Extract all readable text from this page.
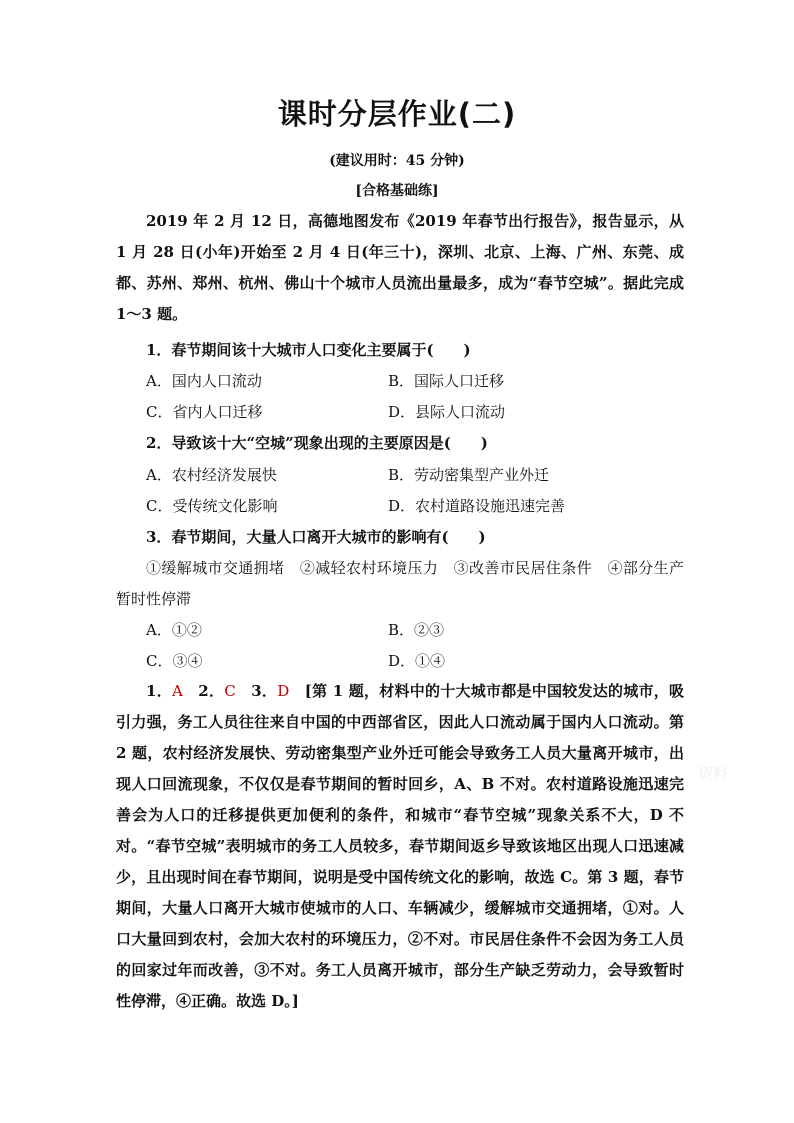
课时分层作业(二)
(建议用时：45 分钟)
[合格基础练]
2019 年 2 月 12 日，高德地图发布《2019 年春节出行报告》，报告显示，从 1 月 28 日(小年)开始至 2 月 4 日(年三十)，深圳、北京、上海、广州、东莞、成都、苏州、郑州、杭州、佛山十个城市人员流出量最多，成为“春节空城”。据此完成 1～3 题。
1．春节期间该十大城市人口变化主要属于(　　)
A．国内人口流动	B．国际人口迁移
C．省内人口迁移	D．县际人口流动
2．导致该十大“空城”现象出现的主要原因是(　　)
A．农村经济发展快	B．劳动密集型产业外迁
C．受传统文化影响	D．农村道路设施迅速完善
3．春节期间，大量人口离开大城市的影响有(　　)
①缓解城市交通拥堵　②减轻农村环境压力　③改善市民居住条件　④部分生产暂时性停滞
A．①②	B．②③
C．③④	D．①④
1．A　2．C　3．D　[第 1 题，材料中的十大城市都是中国较发达的城市，吸引力强，务工人员往往来自中国的中西部省区，因此人口流动属于国内人口流动。第 2 题，农村经济发展快、劳动密集型产业外迁可能会导致务工人员大量离开城市，出现人口回流现象，不仅仅是春节期间的暂时回乡，A、B 不对。农村道路设施迅速完善会为人口的迁移提供更加便利的条件，和城市“春节空城”现象关系不大，D 不对。“春节空城”表明城市的务工人员较多，春节期间返乡导致该地区出现人口迅速减少，且出现时间在春节期间，说明是受中国传统文化的影响，故选 C。第 3 题，春节期间，大量人口离开大城市使城市的人口、车辆减少，缓解城市交通拥堵，①对。人口大量回到农村，会加大农村的环境压力，②不对。市民居住条件不会因为务工人员的回家过年而改善，③不对。务工人员离开城市，部分生产缺乏劳动力，会导致暂时性停滞，④正确。故选 D。]
资料
